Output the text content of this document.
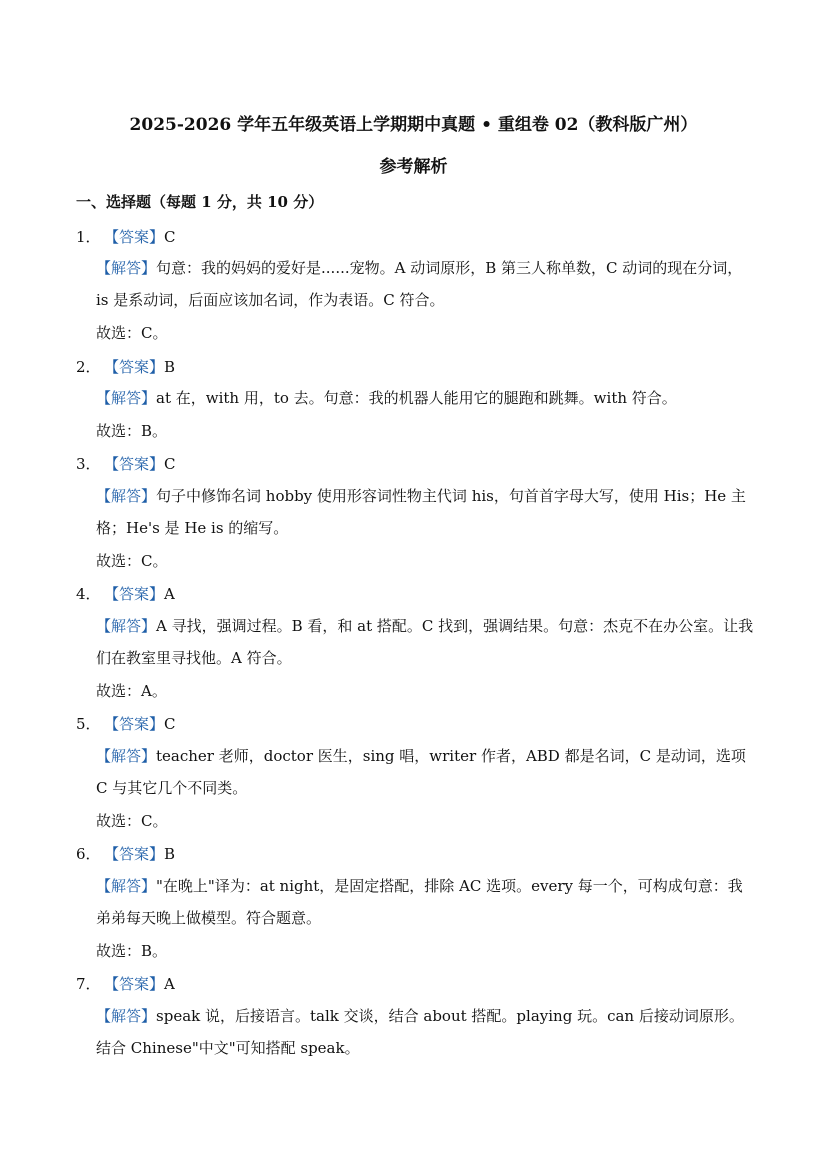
2025-2026 学年五年级英语上学期期中真题 • 重组卷 02（教科版广州）
参考解析
一、选择题（每题 1 分，共 10 分）
1． 【答案】C
【解答】句意：我的妈妈的爱好是......宠物。A 动词原形，B 第三人称单数，C 动词的现在分词，is 是系动词，后面应该加名词，作为表语。C 符合。
故选：C。
2． 【答案】B
【解答】at 在，with 用，to 去。句意：我的机器人能用它的腿跑和跳舞。with 符合。
故选：B。
3． 【答案】C
【解答】句子中修饰名词 hobby 使用形容词性物主代词 his，句首首字母大写，使用 His；He 主格；He's 是 He is 的缩写。
故选：C。
4． 【答案】A
【解答】A 寻找，强调过程。B 看，和 at 搭配。C 找到，强调结果。句意：杰克不在办公室。让我们在教室里寻找他。A 符合。
故选：A。
5． 【答案】C
【解答】teacher 老师，doctor 医生，sing 唱，writer 作者，ABD 都是名词，C 是动词，选项 C 与其它几个不同类。
故选：C。
6． 【答案】B
【解答】"在晚上"译为：at night，是固定搭配，排除 AC 选项。every 每一个，可构成句意：我弟弟每天晚上做模型。符合题意。
故选：B。
7． 【答案】A
【解答】speak 说，后接语言。talk 交谈，结合 about 搭配。playing 玩。can 后接动词原形。结合 Chinese"中文"可知搭配 speak。
